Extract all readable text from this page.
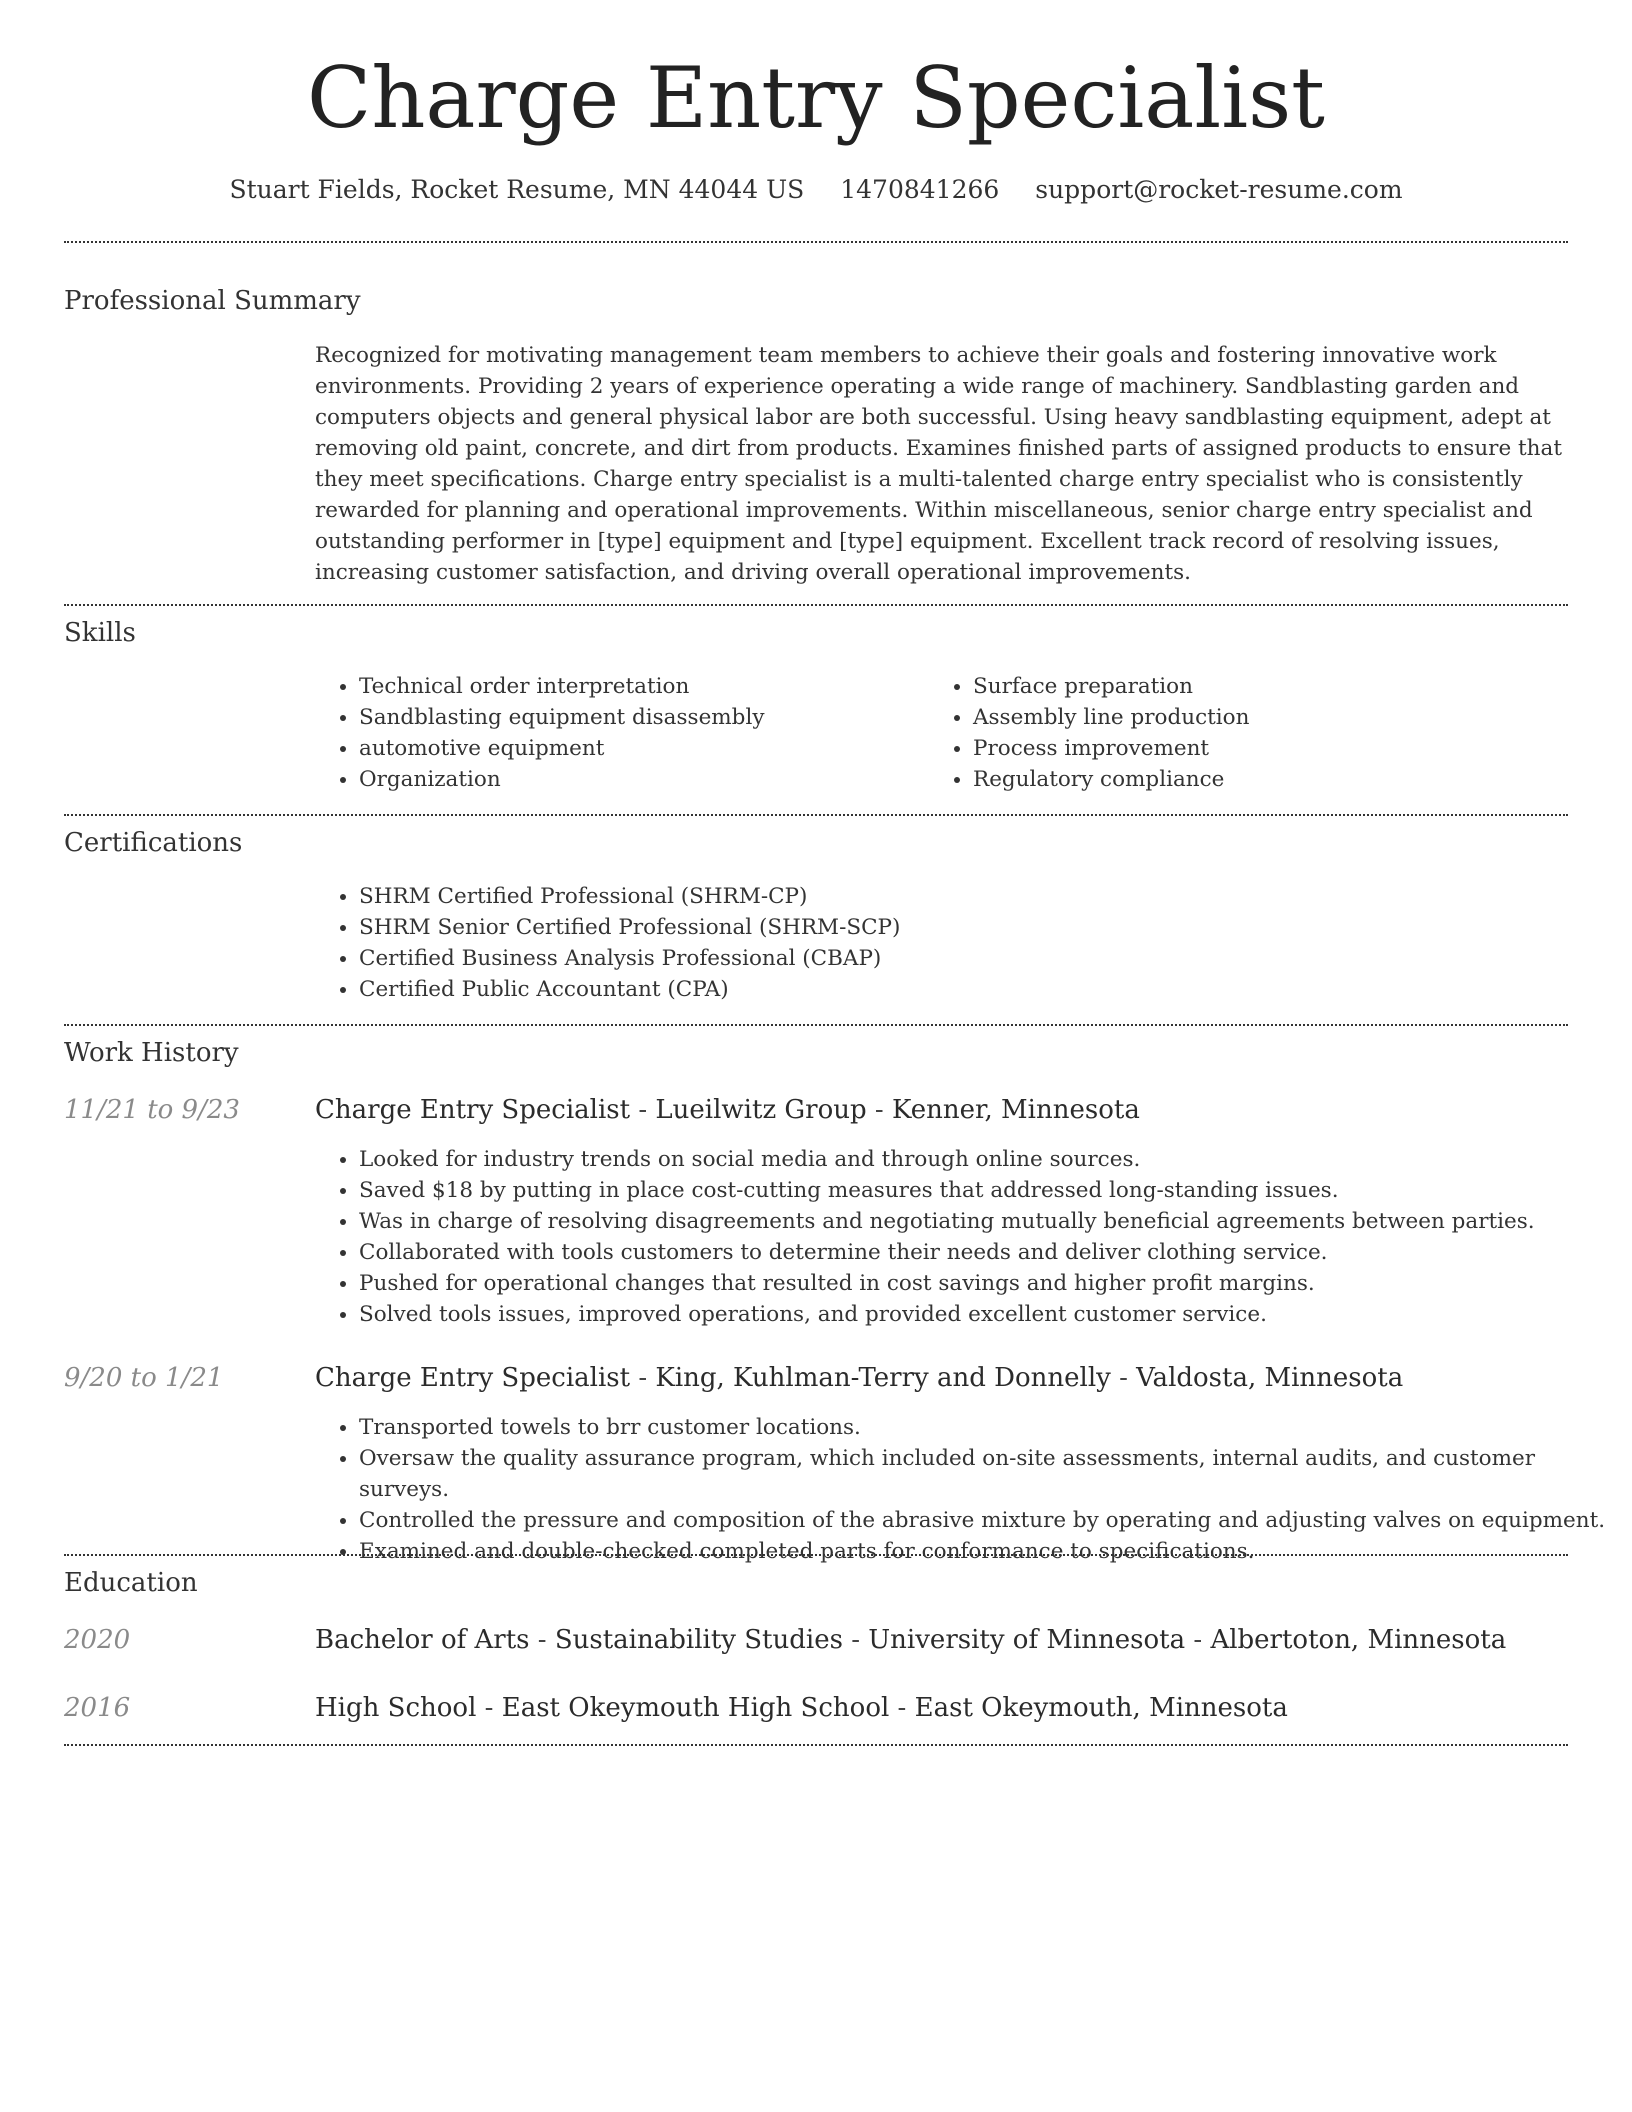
Charge Entry Specialist
Stuart Fields, Rocket Resume, MN 44044 US 1470841266 support@rocket-resume.com
Professional Summary

Recognized for motivating management team members to achieve their goals and fostering innovative work environments. Providing 2 years of experience operating a wide range of machinery. Sandblasting garden and computers objects and general physical labor are both successful. Using heavy sandblasting equipment, adept at removing old paint, concrete, and dirt from products. Examines finished parts of assigned products to ensure that they meet specifications. Charge entry specialist is a multi-talented charge entry specialist who is consistently rewarded for planning and operational improvements. Within miscellaneous, senior charge entry specialist and outstanding performer in [type] equipment and [type] equipment. Excellent track record of resolving issues, increasing customer satisfaction, and driving overall operational improvements.

Skills
• Technical order interpretation
• Sandblasting equipment disassembly
• automotive equipment
• Organization
• Surface preparation
• Assembly line production
• Process improvement
• Regulatory compliance
Certifications
• SHRM Certified Professional (SHRM-CP)
• SHRM Senior Certified Professional (SHRM-SCP)
• Certified Business Analysis Professional (CBAP)
• Certified Public Accountant (CPA)
Work History
11/21 to 9/23	Charge Entry Specialist - Lueilwitz Group - Kenner, Minnesota
• Looked for industry trends on social media and through online sources.
• Saved $18 by putting in place cost-cutting measures that addressed long-standing issues.
• Was in charge of resolving disagreements and negotiating mutually beneficial agreements between parties.
• Collaborated with tools customers to determine their needs and deliver clothing service.
• Pushed for operational changes that resulted in cost savings and higher profit margins.
• Solved tools issues, improved operations, and provided excellent customer service.
9/20 to 1/21	Charge Entry Specialist - King, Kuhlman-Terry and Donnelly - Valdosta, Minnesota
• Transported towels to brr customer locations.
• Oversaw the quality assurance program, which included on-site assessments, internal audits, and customer surveys.
• Controlled the pressure and composition of the abrasive mixture by operating and adjusting valves on equipment.
• Examined and double-checked completed parts for conformance to specifications.
Education
2020	Bachelor of Arts - Sustainability Studies - University of Minnesota - Albertoton, Minnesota
2016	High School - East Okeymouth High School - East Okeymouth, Minnesota
